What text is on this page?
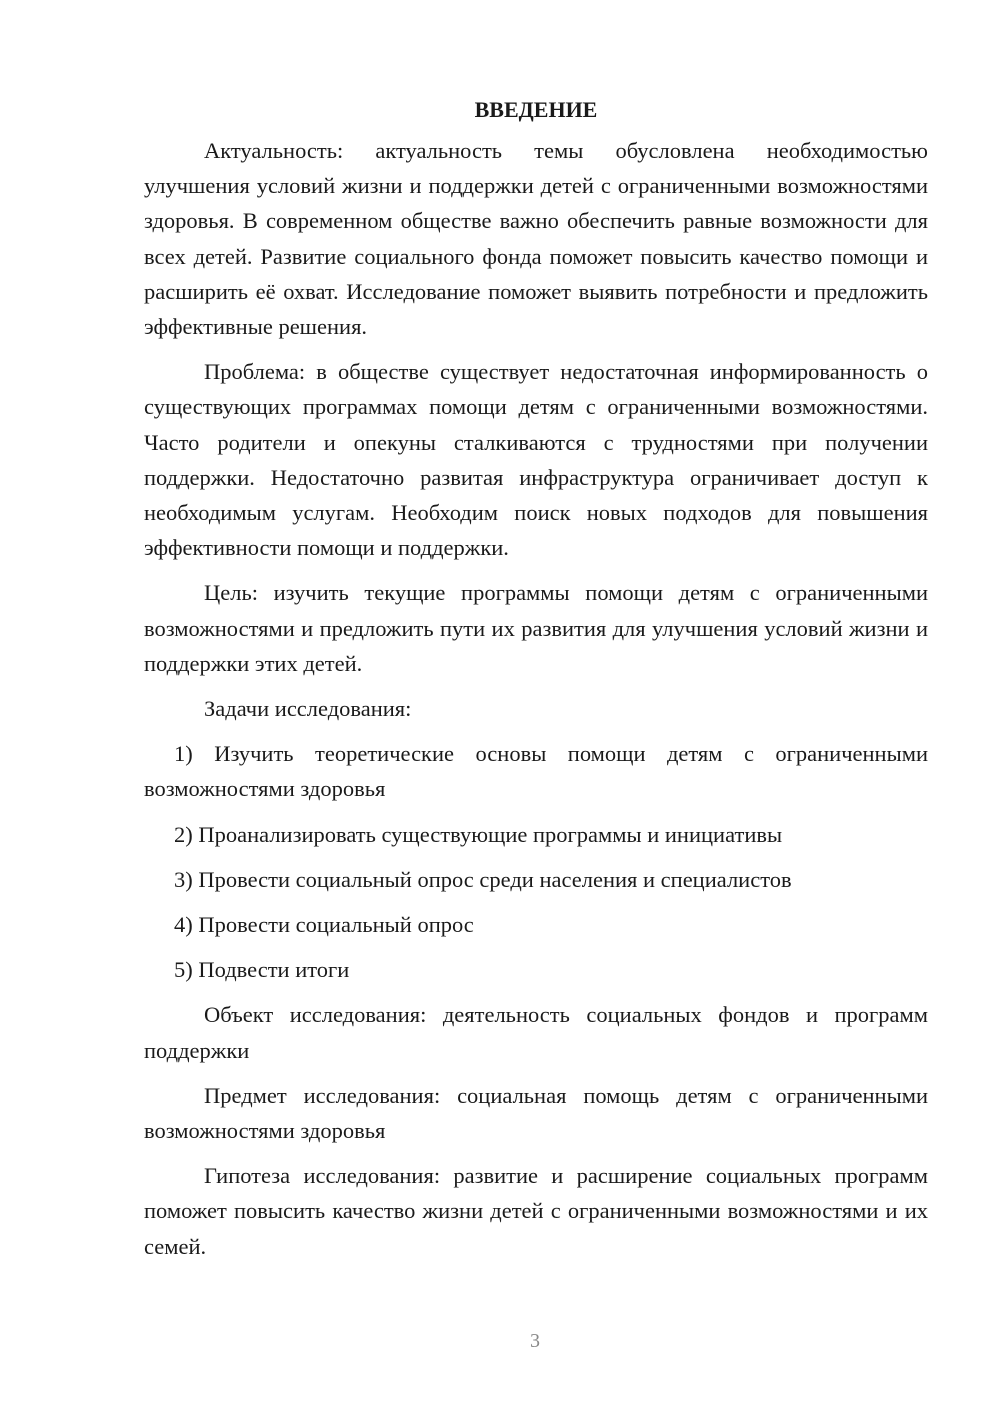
ВВЕДЕНИЕ

Актуальность: актуальность темы обусловлена необходимостью улучшения условий жизни и поддержки детей с ограниченными возможностями здоровья. В современном обществе важно обеспечить равные возможности для всех детей. Развитие социального фонда поможет повысить качество помощи и расширить её охват. Исследование поможет выявить потребности и предложить эффективные решения.

Проблема: в обществе существует недостаточная информированность о существующих программах помощи детям с ограниченными возможностями. Часто родители и опекуны сталкиваются с трудностями при получении поддержки. Недостаточно развитая инфраструктура ограничивает доступ к необходимым услугам. Необходим поиск новых подходов для повышения эффективности помощи и поддержки.

Цель: изучить текущие программы помощи детям с ограниченными возможностями и предложить пути их развития для улучшения условий жизни и поддержки этих детей.

Задачи исследования:

1) Изучить теоретические основы помощи детям с ограниченными возможностями здоровья

2) Проанализировать существующие программы и инициативы

3) Провести социальный опрос среди населения и специалистов

4) Провести социальный опрос

5) Подвести итоги

Объект исследования: деятельность социальных фондов и программ поддержки

Предмет исследования: социальная помощь детям с ограниченными возможностями здоровья

Гипотеза исследования: развитие и расширение социальных программ поможет повысить качество жизни детей с ограниченными возможностями и их семей.

3
